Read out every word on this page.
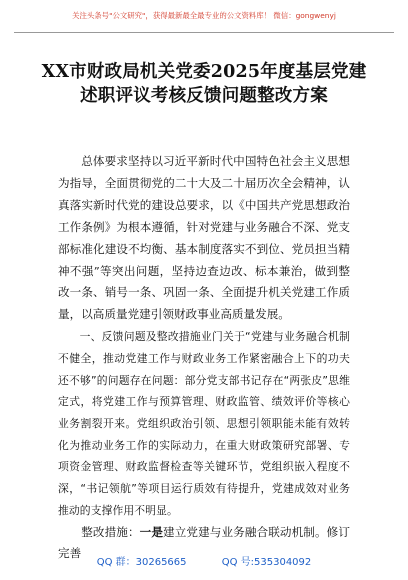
关注头条号"公文研究"，获得最新最全最专业的公文资料库！ 微信：gongwenyj
XX市财政局机关党委2025年度基层党建
述职评议考核反馈问题整改方案

总体要求坚持以习近平新时代中国特色社会主义思想为指导，全面贯彻党的二十大及二十届历次全会精神，认真落实新时代党的建设总要求，以《中国共产党思想政治工作条例》为根本遵循，针对党建与业务融合不深、党支部标准化建设不均衡、基本制度落实不到位、党员担当精神不强”等突出问题，坚持边查边改、标本兼治，做到整改一条、销号一条、巩固一条、全面提升机关党建工作质量，以高质量党建引领财政事业高质量发展。

一、反馈问题及整改措施业门关于“党建与业务融合机制不健全，推动党建工作与财政业务工作紧密融合上下的功夫还不够”的问题存在问题：部分党支部书记存在“两张皮”思维定式，将党建工作与预算管理、财政监管、绩效评价等核心业务割裂开来。党组织政治引领、思想引领职能未能有效转化为推动业务工作的实际动力，在重大财政策研究部署、专项资金管理、财政监督检查等关键环节，党组织嵌入程度不深，“书记领航”等项目运行质效有待提升，党建成效对业务推动的支撑作用不明显。

整改措施：一是建立党建与业务融合联动机制。修订完善

QQ 群：30265665	QQ 号:535304092
